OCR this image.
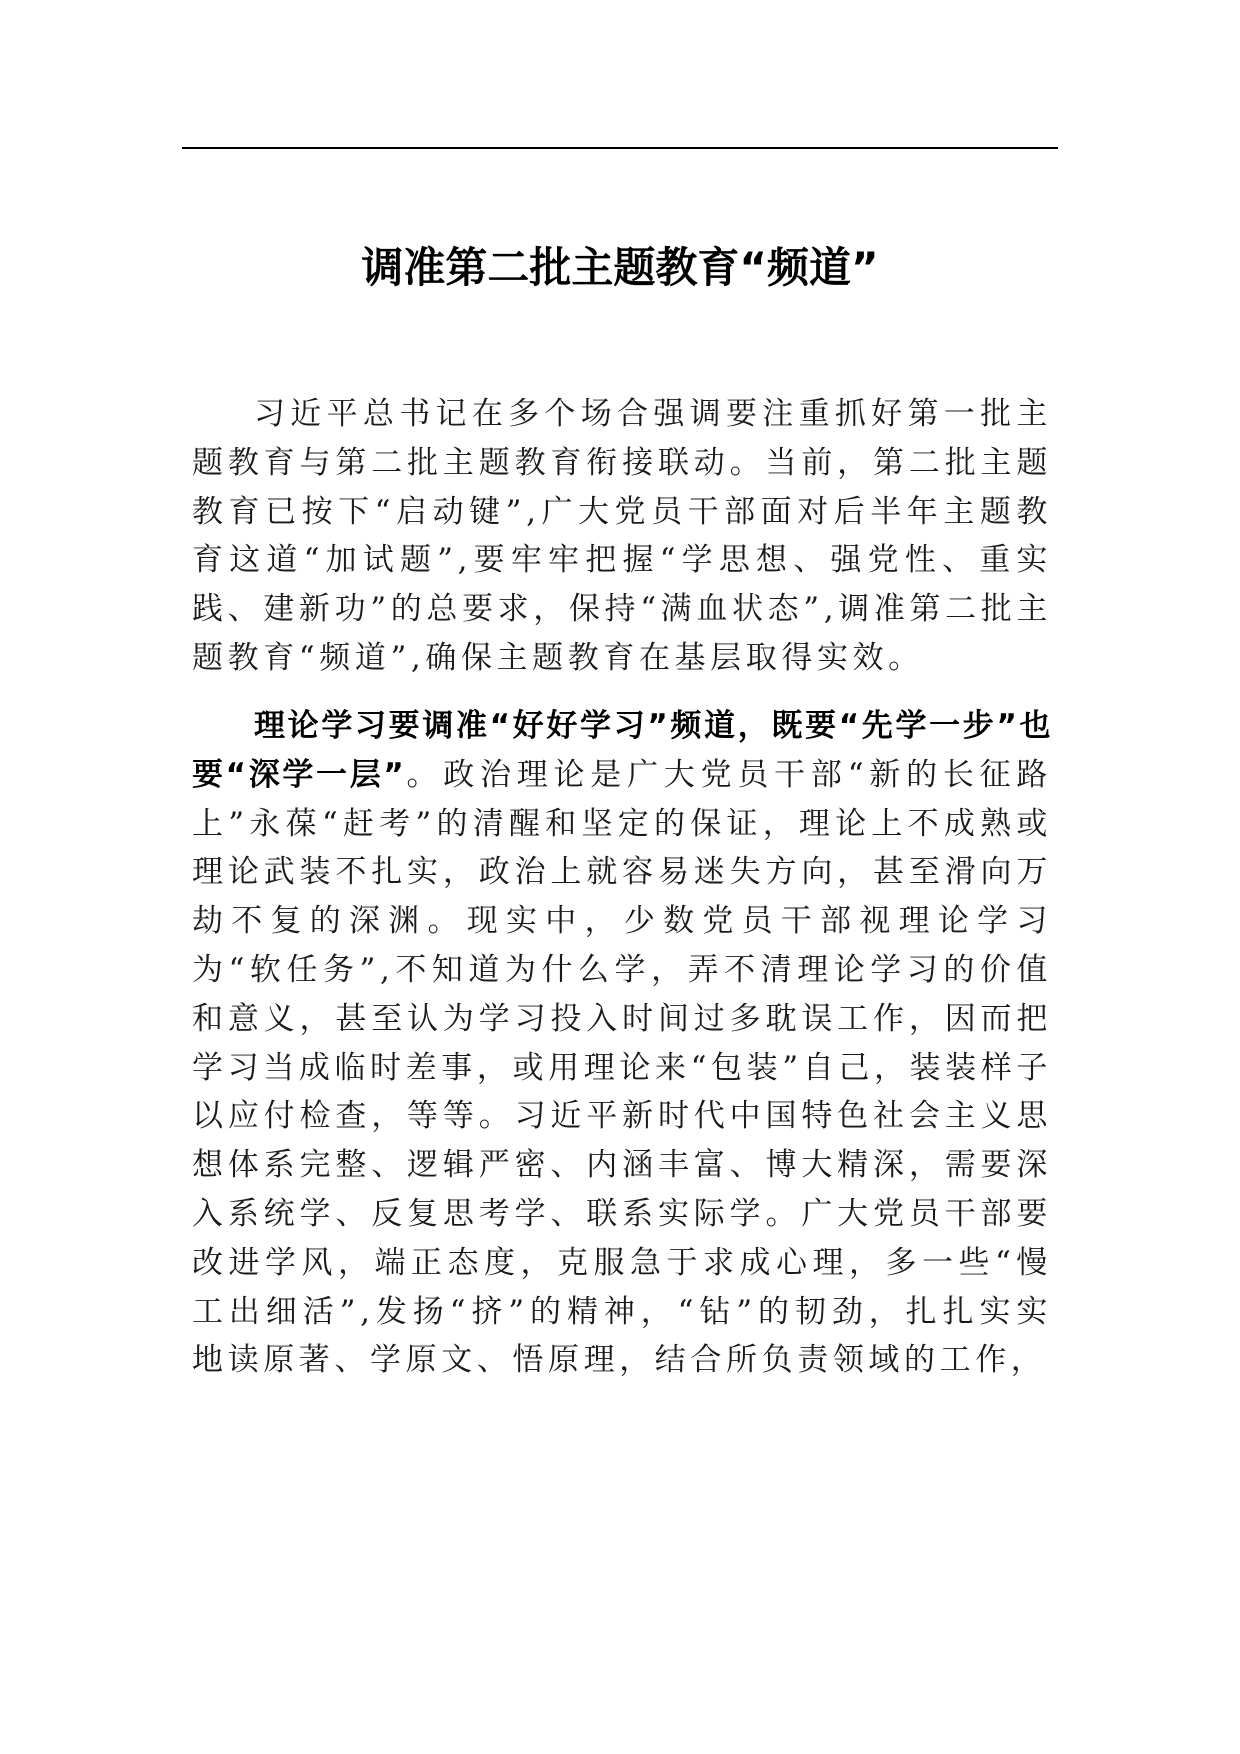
调准第二批主题教育“频道”

习近平总书记在多个场合强调要注重抓好第一批主题教育与第二批主题教育衔接联动。当前，第二批主题教育已按下“启动键”,广大党员干部面对后半年主题教育这道“加试题”,要牢牢把握“学思想、强党性、重实践、建新功”的总要求，保持“满血状态”,调准第二批主题教育“频道”,确保主题教育在基层取得实效。

理论学习要调准“好好学习”频道，既要“先学一步”也要“深学一层”。政治理论是广大党员干部“新的长征路上”永葆“赶考”的清醒和坚定的保证，理论上不成熟或理论武装不扎实，政治上就容易迷失方向，甚至滑向万劫不复的深渊。现实中，少数党员干部视理论学习为“软任务”,不知道为什么学，弄不清理论学习的价值和意义，甚至认为学习投入时间过多耽误工作，因而把学习当成临时差事，或用理论来“包装”自己，装装样子以应付检查，等等。习近平新时代中国特色社会主义思想体系完整、逻辑严密、内涵丰富、博大精深，需要深入系统学、反复思考学、联系实际学。广大党员干部要改进学风，端正态度，克服急于求成心理，多一些“慢工出细活”,发扬“挤”的精神，“钻”的韧劲，扎扎实实地读原著、学原文、悟原理，结合所负责领域的工作，
